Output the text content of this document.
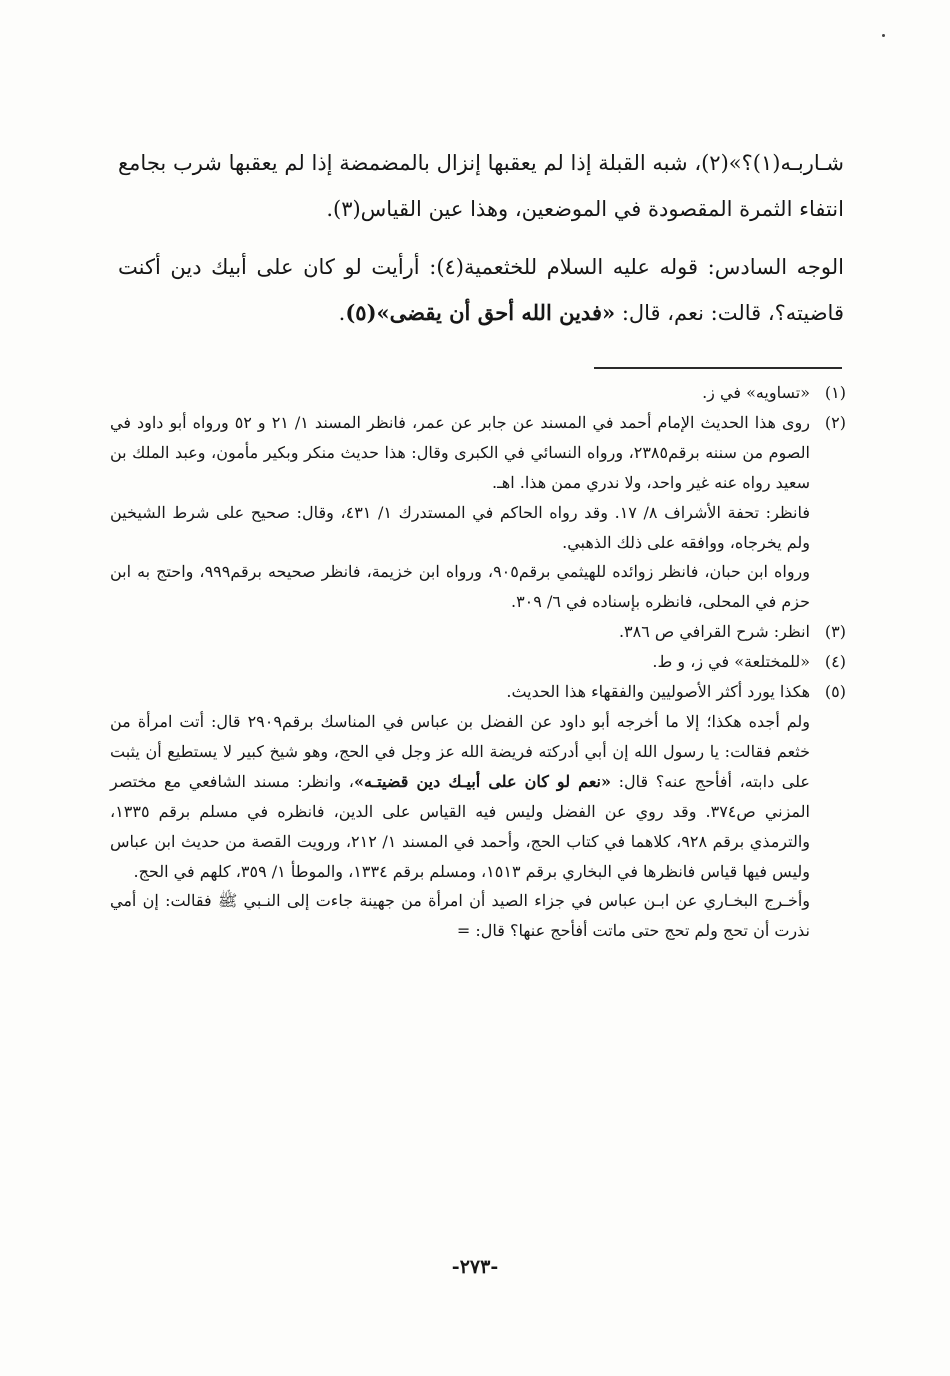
شـاربـه(١)؟»(٢)، شبه القبلة إذا لم يعقبها إنزال بالمضمضة إذا لم يعقبها شرب بجامع انتفاء الثمرة المقصودة في الموضعين، وهذا عين القياس(٣).

الوجه السادس: قوله عليه السلام للخثعمية(٤): أرأيت لو كان على أبيك دين أكنت قاضيته؟، قالت: نعم، قال: «فدين الله أحق أن يقضى»(٥).

(١)
«تساويه» في ز.
(٢)
روى هذا الحديث الإمام أحمد في المسند عن جابر عن عمر، فانظر المسند ١/ ٢١ و ٥٢ ورواه أبو داود في الصوم من سننه برقم٢٣٨٥، ورواه النسائي في الكبرى وقال: هذا حديث منكر وبكير مأمون، وعبد الملك بن سعيد رواه عنه غير واحد، ولا ندري ممن هذا. اهـ.

فانظر: تحفة الأشراف ٨/ ١٧. وقد رواه الحاكم في المستدرك ١/ ٤٣١، وقال: صحيح على شرط الشيخين ولم يخرجاه، ووافقه على ذلك الذهبي.

ورواه ابن حبان، فانظر زوائده للهيثمي برقم٩٠٥، ورواه ابن خزيمة، فانظر صحيحه برقم٩٩٩، واحتج به ابن حزم في المحلى، فانظره بإسناده في ٦/ ٣٠٩.

(٣)
انظر: شرح القرافي ص ٣٨٦.
(٤)
«للمختلعة» في ز، و ط.
(٥)
هكذا يورد أكثر الأصوليين والفقهاء هذا الحديث.

ولم أجده هكذا؛ إلا ما أخرجه أبو داود عن الفضل بن عباس في المناسك برقم٢٩٠٩ قال: أتت امرأة من خثعم فقالت: يا رسول الله إن أبي أدركته فريضة الله عز وجل في الحج، وهو شيخ كبير لا يستطيع أن يثبت على دابته، أفأحج عنه؟ قال: «نعم لو كان على أبيـك دين قضيتـه»، وانظر: مسند الشافعي مع مختصر المزني ص٣٧٤. وقد روي عن الفضل وليس فيه القياس على الدين، فانظره في مسلم برقم ١٣٣٥، والترمذي برقم ٩٢٨، كلاهما في كتاب الحج، وأحمد في المسند ١/ ٢١٢، ورويت القصة من حديث ابن عباس وليس فيها قياس فانظرها في البخاري برقم ١٥١٣، ومسلم برقم ١٣٣٤، والموطأ ١/ ٣٥٩، كلهم في الحج.

وأخـرج البخـاري عن ابـن عباس في جزاء الصيد أن امرأة من جهينة جاءت إلى النـبي ﷺ فقالت: إن أمي نذرت أن تحج ولم تحج حتى ماتت أفأحج عنها؟ قال: =

-٢٧٣-
